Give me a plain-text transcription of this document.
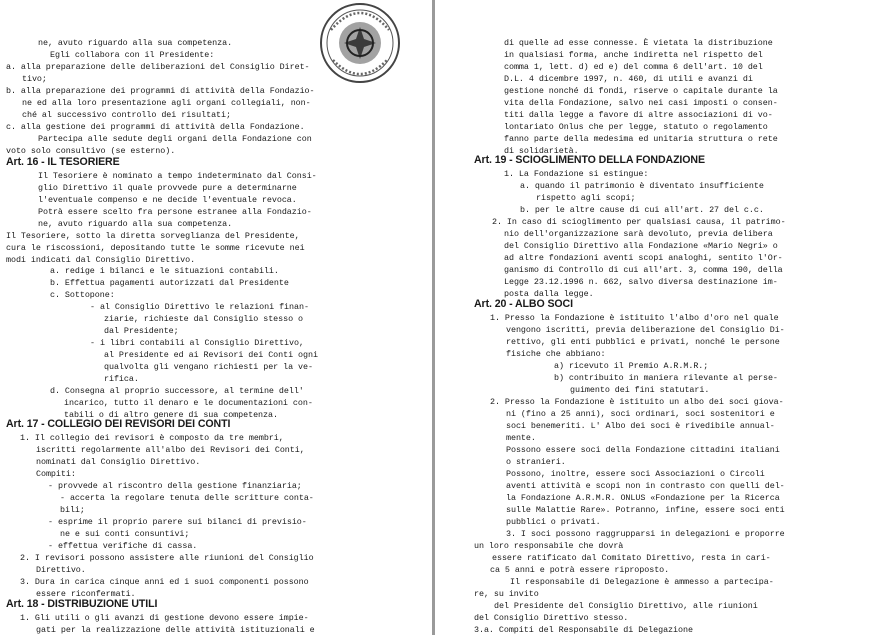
ne, avuto riguardo alla sua competenza.
Egli collabora con il Presidente:
a. alla preparazione delle deliberazioni del Consiglio Diret-
tivo;
b. alla preparazione dei programmi di attività della Fondazio-
ne ed alla loro presentazione agli organi collegiali, non-
ché al successivo controllo dei risultati;
c. alla gestione dei programmi di attività della Fondazione.
Partecipa alle sedute degli organi della Fondazione con
voto solo consultivo (se esterno).
Art. 16 - IL TESORIERE
Il Tesoriere è nominato a tempo indeterminato dal Consi-
glio Direttivo il quale provvede pure a determinarne
l'eventuale compenso e ne decide l'eventuale revoca.
Potrà essere scelto fra persone estranee alla Fondazio-
ne, avuto riguardo alla sua competenza.
Il Tesoriere, sotto la diretta sorveglianza del Presidente,
cura le riscossioni, depositando tutte le somme ricevute nei
modi indicati dal Consiglio Direttivo.
a. redige i bilanci e le situazioni contabili.
b. Effettua pagamenti autorizzati dal Presidente
c. Sottopone:
- al Consiglio Direttivo le relazioni finan-
ziarie, richieste dal Consiglio stesso o
dal Presidente;
- i libri contabili al Consiglio Direttivo,
al Presidente ed ai Revisori dei Conti ogni
qualvolta gli vengano richiesti per la ve-
rifica.
d. Consegna al proprio successore, al termine dell'
incarico, tutto il denaro e le documentazioni con-
tabili o di altro genere di sua competenza.
Art. 17 - COLLEGIO DEI REVISORI DEI CONTI
1. Il collegio dei revisori è composto da tre membri,
iscritti regolarmente all'albo dei Revisori dei Conti,
nominati dal Consiglio Direttivo.
Compiti:
- provvede al riscontro della gestione finanziaria;
- accerta la regolare tenuta delle scritture conta-
bili;
- esprime il proprio parere sui bilanci di previsio-
ne e sui conti consuntivi;
- effettua verifiche di cassa.
2. I revisori possono assistere alle riunioni del Consiglio
Direttivo.
3. Dura in carica cinque anni ed i suoi componenti possono
essere riconfermati.
Art. 18 - DISTRIBUZIONE UTILI
1. Gli utili o gli avanzi di gestione devono essere impie-
gati per la realizzazione delle attività istituzionali e
di quelle ad esse connesse. È vietata la distribuzione
in qualsiasi forma, anche indiretta nel rispetto del
comma 1, lett. d) ed e) del comma 6 dell'art. 10 del
D.L. 4 dicembre 1997, n. 460, di utili e avanzi di
gestione nonché di fondi, riserve o capitale durante la
vita della Fondazione, salvo nei casi imposti o consen-
titi dalla legge a favore di altre associazioni di vo-
lontariato Onlus che per legge, statuto o regolamento
fanno parte della medesima ed unitaria struttura o rete
di solidarietà.
Art. 19 - SCIOGLIMENTO DELLA FONDAZIONE
1. La Fondazione si estingue:
a. quando il patrimonio è diventato insufficiente
rispetto agli scopi;
b. per le altre cause di cui all'art. 27 del c.c.
2. In caso di scioglimento per qualsiasi causa, il patrimo-
nio dell'organizzazione sarà devoluto, previa delibera
del Consiglio Direttivo alla Fondazione «Mario Negri» o
ad altre fondazioni aventi scopi analoghi, sentito l'Or-
ganismo di Controllo di cui all'art. 3, comma 190, della
Legge 23.12.1996 n. 662, salvo diversa destinazione im-
posta dalla legge.
Art. 20 - ALBO SOCI
1. Presso la Fondazione è istituito l'albo d'oro nel quale
vengono iscritti, previa deliberazione del Consiglio Di-
rettivo, gli enti pubblici e privati, nonché le persone
fisiche che abbiano:
a) ricevuto il Premio A.R.M.R.;
b) contribuito in maniera rilevante al perse-
guimento dei fini statutari.
2. Presso la Fondazione è istituito un albo dei soci giova-
ni (fino a 25 anni), soci ordinari, soci sostenitori e
soci benemeriti. L' Albo dei soci è rivedibile annual-
mente.
Possono essere soci della Fondazione cittadini italiani
o stranieri.
Possono, inoltre, essere soci Associazioni o Circoli
aventi attività e scopi non in contrasto con quelli del-
la Fondazione A.R.M.R. ONLUS «Fondazione per la Ricerca
sulle Malattie Rare». Potranno, infine, essere soci enti
pubblici o privati.
3. I soci possono raggrupparsi in delegazioni e proporre
un loro responsabile che dovrà
essere ratificato dal Comitato Direttivo, resta in cari-
ca 5 anni e potrà essere riproposto.
Il responsabile di Delegazione è ammesso a partecipa-
re, su invito
del Presidente del Consiglio Direttivo, alle riunioni
del Consiglio Direttivo stesso.
3.a. Compiti del Responsabile di Delegazione
